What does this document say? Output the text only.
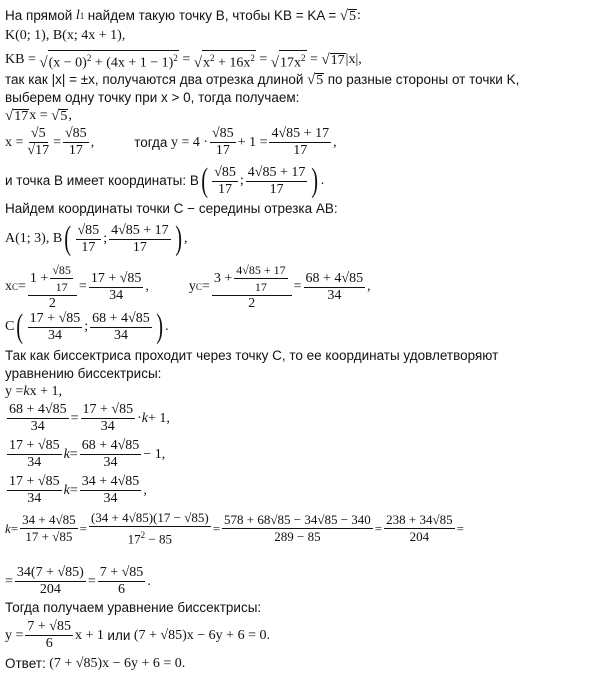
На прямой
l 1
найдем такую точку B, чтобы KB = KA =
√ 5 :
K(0; 1), B(x; 4x + 1),
KB = √ $(x - 0)^2 + (4x + 1 - 1)^2$ = √ $x^2 + 16x^2$ = √ $17x^2$ = √ 17 |x|,
так как |x| = ±x, получаются два отрезка длиной
√ 5
по разные стороны от точки K,
выберем одну точку при x > 0, тогда получаем:
√ 17 x = √ 5 ,
x =
√5
√17
=
√85
17
,	тогда y = 4 ·
√85
17
+ 1 =
4√85 + 17
17
,
и точка B имеет координаты: B ( √85
17
;
4√85 + 17
17 ) .
Найдем координаты точки C − середины отрезка AB:
A(1; 3), B ( √85
17
;
4√85 + 17
17 ) ,
x C =
1 +
√85
17
2
=
17 + √85
34
,	y C =
3 +
4√85 + 17
17
2
=
68 + 4√85
34
,
C ( 17 + √85
34
;
68 + 4√85
34 ) .
Так как биссектриса проходит через точку C, то ее координаты удовлетворяют
уравнению биссектрисы:
y = k x + 1,
68 + 4√85
34
=
17 + √85
34
· k + 1,
17 + √85
34
k =
68 + 4√85
34
− 1,
17 + √85
34
k =
34 + 4√85
34
,
k =
34 + 4√85
17 + √85
=
(34 + 4√85)(17 − √85)
$17^2 - 85$
=
578 + 68√85 − 34√85 − 340
289 − 85
=
238 + 34√85
204
=
=
34(7 + √85)
204
=
7 + √85
6
.
Тогда получаем уравнение биссектрисы:
y =
7 + √85
6
x + 1 или (7 + √85)x − 6y + 6 = 0.
Ответ: (7 + √85)x − 6y + 6 = 0.
